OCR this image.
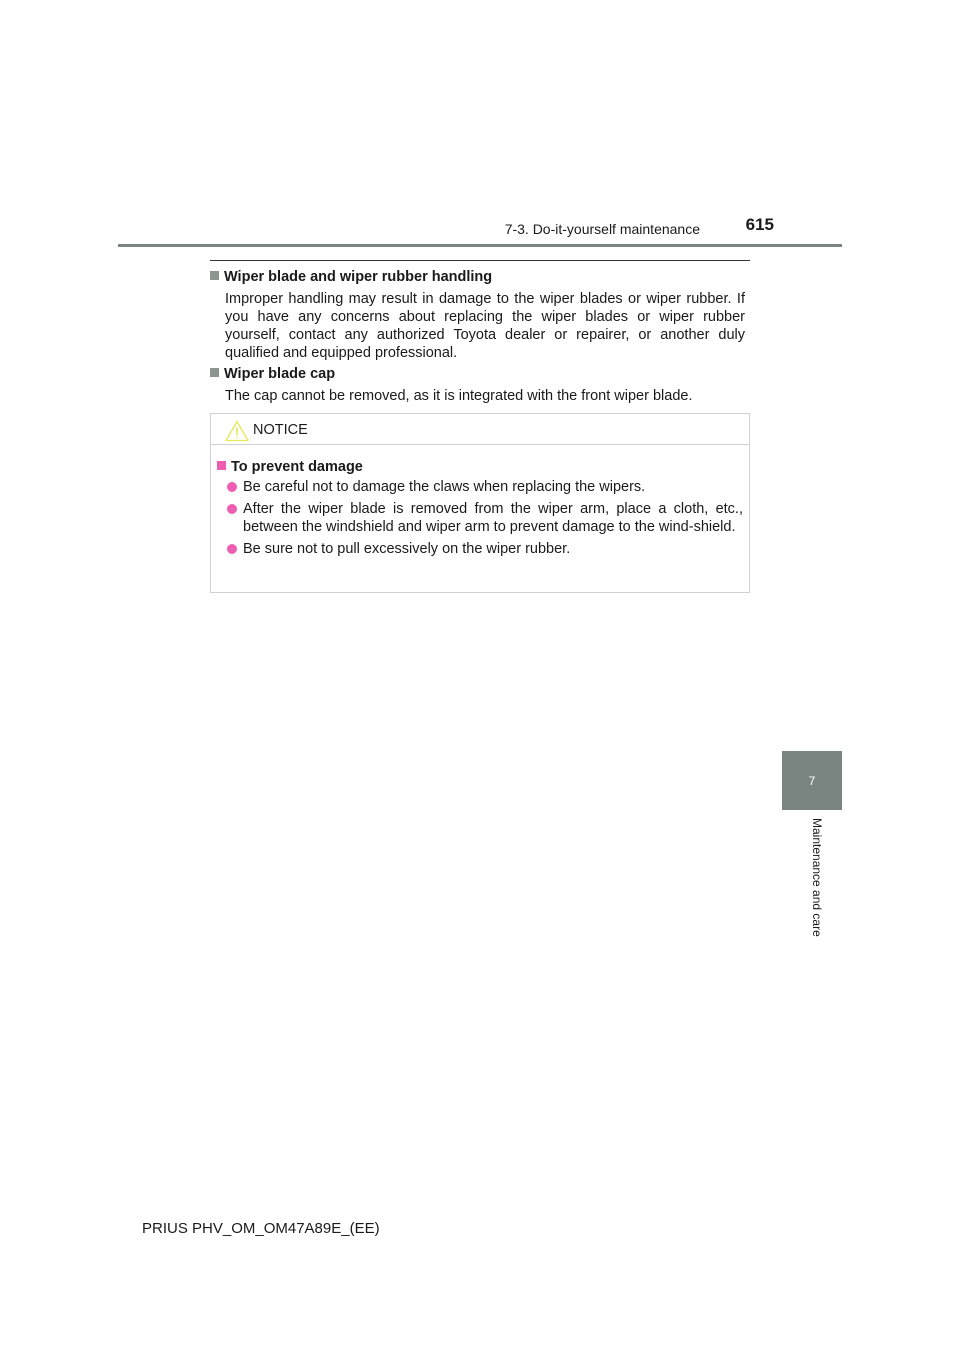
7-3. Do-it-yourself maintenance	615
Wiper blade and wiper rubber handling
Improper handling may result in damage to the wiper blades or wiper rubber. If you have any concerns about replacing the wiper blades or wiper rubber yourself, contact any authorized Toyota dealer or repairer, or another duly qualified and equipped professional.
Wiper blade cap
The cap cannot be removed, as it is integrated with the front wiper blade.
NOTICE
To prevent damage
Be careful not to damage the claws when replacing the wipers.
After the wiper blade is removed from the wiper arm, place a cloth, etc., between the windshield and wiper arm to prevent damage to the wind-shield.
Be sure not to pull excessively on the wiper rubber.
7
Maintenance and care
PRIUS PHV_OM_OM47A89E_(EE)
